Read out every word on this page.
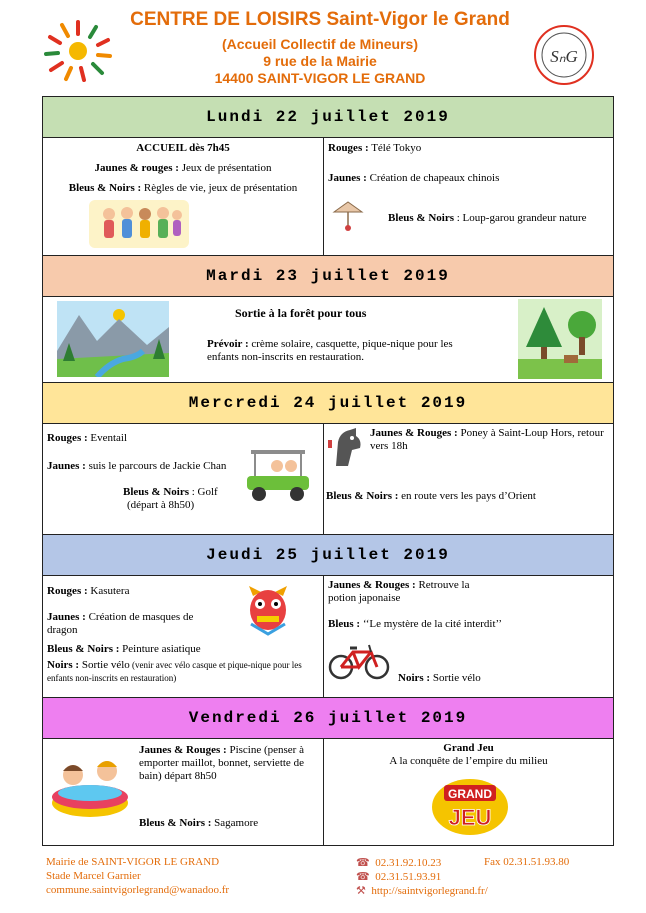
CENTRE DE LOISIRS Saint-Vigor le Grand
(Accueil Collectif de Mineurs)
9 rue de la Mairie
14400 SAINT-VIGOR LE GRAND
SₙG
Lundi 22 juillet 2019
ACCUEIL dès 7h45
Jaunes & rouges : Jeux de présentation
Bleus & Noirs : Règles de vie, jeux de présentation
Rouges : Télé Tokyo
Jaunes : Création de chapeaux chinois
Bleus & Noirs : Loup-garou grandeur nature
Mardi 23 juillet 2019
Sortie à la forêt pour tous
Prévoir : crème solaire, casquette, pique-nique pour les enfants non-inscrits en restauration.
Mercredi 24 juillet 2019
Rouges : Eventail
Jaunes : suis le parcours de Jackie Chan
Bleus & Noirs : Golf
(départ à 8h50)
Jaunes & Rouges : Poney à Saint-Loup Hors, retour vers 18h
Bleus & Noirs : en route vers les pays d’Orient
Jeudi 25 juillet 2019
Rouges : Kasutera
Jaunes : Création de masques de dragon
Bleus & Noirs : Peinture asiatique
Noirs : Sortie vélo (venir avec vélo casque et pique-nique pour les enfants non-inscrits en restauration)
Jaunes & Rouges : Retrouve la potion japonaise
Bleus : ‘‘Le mystère de la cité interdit’’
Noirs : Sortie vélo
Vendredi 26 juillet 2019
Jaunes & Rouges : Piscine (penser à emporter maillot, bonnet, serviette de bain) départ 8h50
Bleus & Noirs : Sagamore
Grand Jeu
A la conquête de l’empire du milieu
GRAND
JEU
Mairie de SAINT-VIGOR LE GRAND
Stade Marcel Garnier
commune.saintvigorlegrand@wanadoo.fr
☎ 02.31.92.10.23	Fax 02.31.51.93.80
☎ 02.31.51.93.91
⚒ http://saintvigorlegrand.fr/
